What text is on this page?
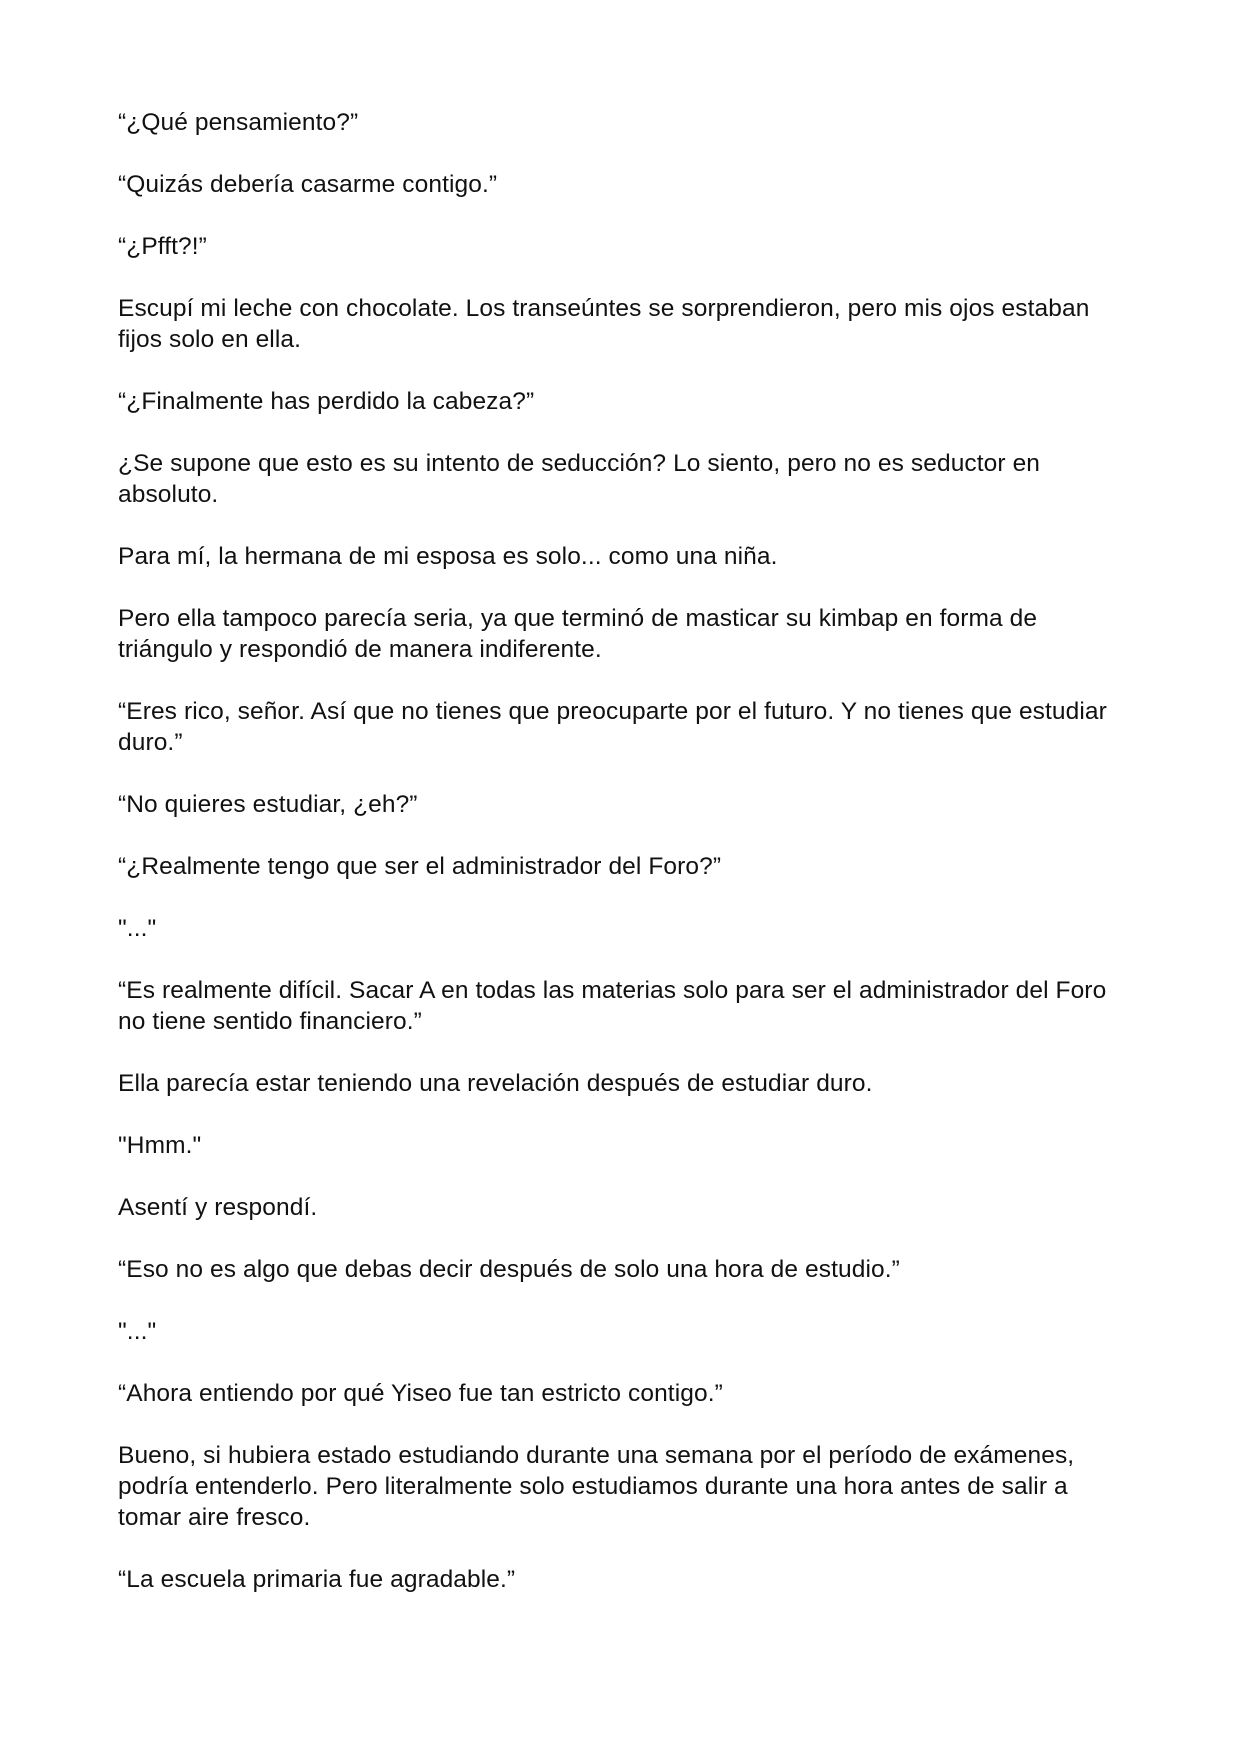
“¿Qué pensamiento?”

“Quizás debería casarme contigo.”

“¿Pfft?!”

Escupí mi leche con chocolate. Los transeúntes se sorprendieron, pero mis ojos estaban fijos solo en ella.

“¿Finalmente has perdido la cabeza?”

¿Se supone que esto es su intento de seducción? Lo siento, pero no es seductor en absoluto.

Para mí, la hermana de mi esposa es solo... como una niña.

Pero ella tampoco parecía seria, ya que terminó de masticar su kimbap en forma de triángulo y respondió de manera indiferente.

“Eres rico, señor. Así que no tienes que preocuparte por el futuro. Y no tienes que estudiar duro.”

“No quieres estudiar, ¿eh?”

“¿Realmente tengo que ser el administrador del Foro?”

"..."

“Es realmente difícil. Sacar A en todas las materias solo para ser el administrador del Foro no tiene sentido financiero.”

Ella parecía estar teniendo una revelación después de estudiar duro.

"Hmm."

Asentí y respondí.

“Eso no es algo que debas decir después de solo una hora de estudio.”

"..."

“Ahora entiendo por qué Yiseo fue tan estricto contigo.”

Bueno, si hubiera estado estudiando durante una semana por el período de exámenes, podría entenderlo. Pero literalmente solo estudiamos durante una hora antes de salir a tomar aire fresco.

“La escuela primaria fue agradable.”
